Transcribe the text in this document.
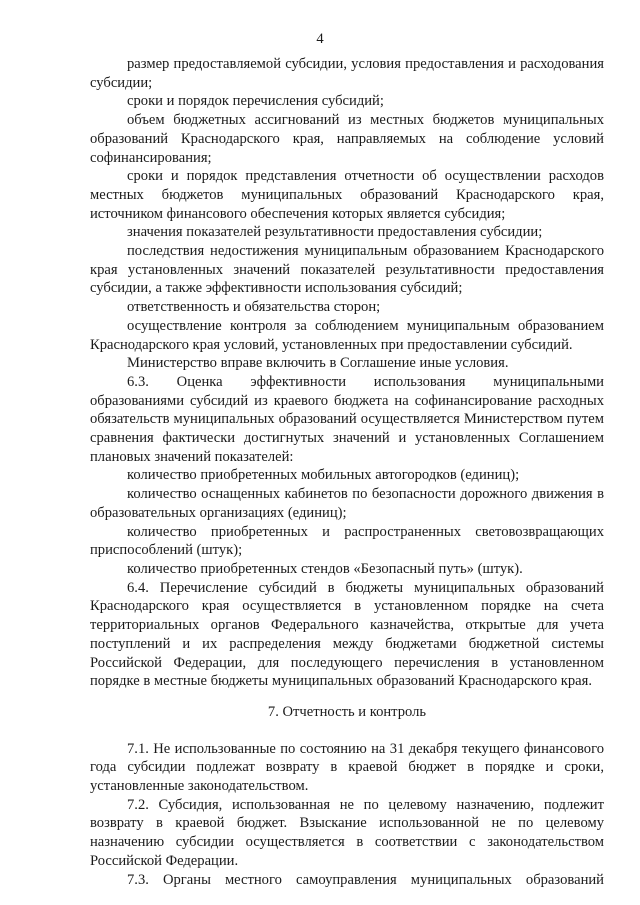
4

размер предоставляемой субсидии, условия предоставления и расходования субсидии;

сроки и порядок перечисления субсидий;

объем бюджетных ассигнований из местных бюджетов муниципальных образований Краснодарского края, направляемых на соблюдение условий софинансирования;

сроки и порядок представления отчетности об осуществлении расходов местных бюджетов муниципальных образований Краснодарского края, источником финансового обеспечения которых является субсидия;

значения показателей результативности предоставления субсидии;

последствия недостижения муниципальным образованием Краснодарского края установленных значений показателей результативности предоставления субсидии, а также эффективности использования субсидий;

ответственность и обязательства сторон;

осуществление контроля за соблюдением муниципальным образованием Краснодарского края условий, установленных при предоставлении субсидий.

Министерство вправе включить в Соглашение иные условия.

6.3. Оценка эффективности использования муниципальными образованиями субсидий из краевого бюджета на софинансирование расходных обязательств муниципальных образований осуществляется Министерством путем сравнения фактически достигнутых значений и установленных Соглашением плановых значений показателей:

количество приобретенных мобильных автогородков (единиц);

количество оснащенных кабинетов по безопасности дорожного движения в образовательных организациях (единиц);

количество приобретенных и распространенных световозвращающих приспособлений (штук);

количество приобретенных стендов «Безопасный путь» (штук).

6.4. Перечисление субсидий в бюджеты муниципальных образований Краснодарского края осуществляется в установленном порядке на счета территориальных органов Федерального казначейства, открытые для учета поступлений и их распределения между бюджетами бюджетной системы Российской Федерации, для последующего перечисления в установленном порядке в местные бюджеты муниципальных образований Краснодарского края.

7. Отчетность и контроль

7.1. Не использованные по состоянию на 31 декабря текущего финансового года субсидии подлежат возврату в краевой бюджет в порядке и сроки, установленные законодательством.

7.2. Субсидия, использованная не по целевому назначению, подлежит возврату в краевой бюджет. Взыскание использованной не по целевому назначению субсидии осуществляется в соответствии с законодательством Российской Федерации.

7.3. Органы местного самоуправления муниципальных образований
